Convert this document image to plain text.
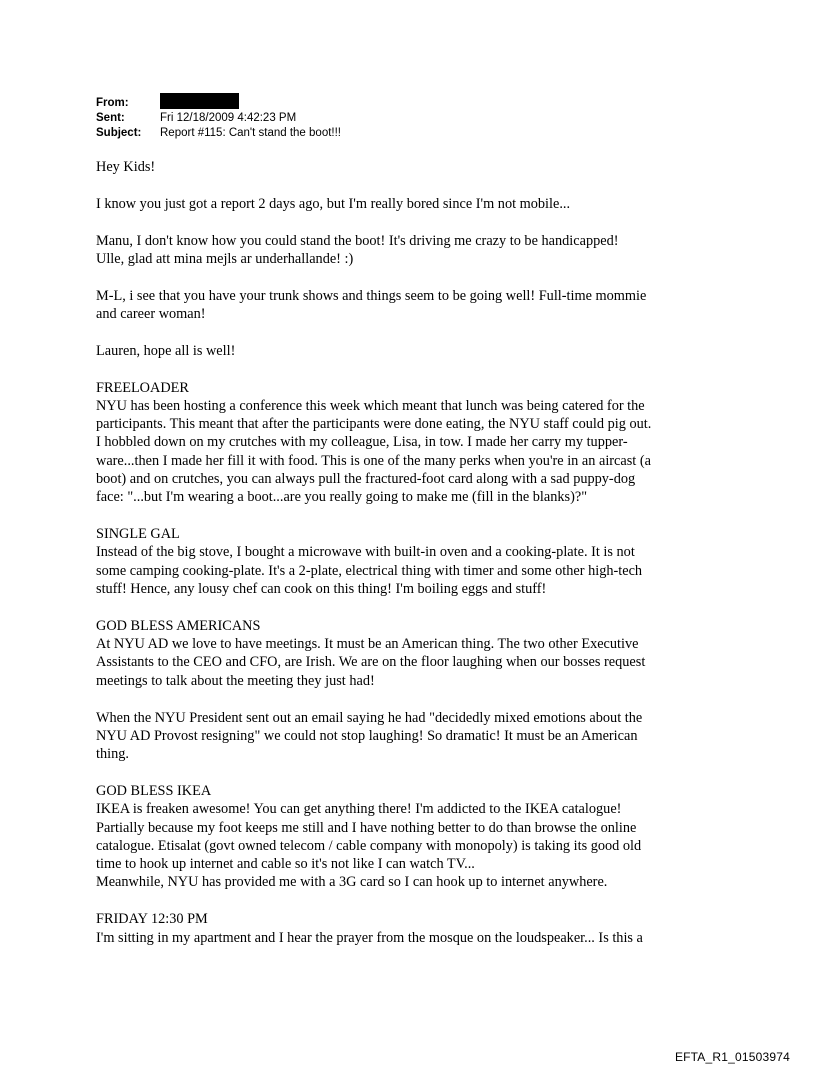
From:
Sent:	Fri 12/18/2009 4:42:23 PM
Subject:	Report #115: Can't stand the boot!!!
Hey Kids!
I know you just got a report 2 days ago, but I'm really bored since I'm not mobile...
Manu, I don't know how you could stand the boot! It's driving me crazy to be handicapped!
Ulle, glad att mina mejls ar underhallande! :)
M-L, i see that you have your trunk shows and things seem to be going well! Full-time mommie
and career woman!
Lauren, hope all is well!
FREELOADER
NYU has been hosting a conference this week which meant that lunch was being catered for the
participants. This meant that after the participants were done eating, the NYU staff could pig out.
I hobbled down on my crutches with my colleague, Lisa, in tow. I made her carry my tupper-
ware...then I made her fill it with food. This is one of the many perks when you're in an aircast (a
boot) and on crutches, you can always pull the fractured-foot card along with a sad puppy-dog
face: "...but I'm wearing a boot...are you really going to make me (fill in the blanks)?"
SINGLE GAL
Instead of the big stove, I bought a microwave with built-in oven and a cooking-plate. It is not
some camping cooking-plate. It's a 2-plate, electrical thing with timer and some other high-tech
stuff! Hence, any lousy chef can cook on this thing! I'm boiling eggs and stuff!
GOD BLESS AMERICANS
At NYU AD we love to have meetings. It must be an American thing. The two other Executive
Assistants to the CEO and CFO, are Irish. We are on the floor laughing when our bosses request
meetings to talk about the meeting they just had!
When the NYU President sent out an email saying he had "decidedly mixed emotions about the
NYU AD Provost resigning" we could not stop laughing! So dramatic! It must be an American
thing.
GOD BLESS IKEA
IKEA is freaken awesome! You can get anything there! I'm addicted to the IKEA catalogue!
Partially because my foot keeps me still and I have nothing better to do than browse the online
catalogue. Etisalat (govt owned telecom / cable company with monopoly) is taking its good old
time to hook up internet and cable so it's not like I can watch TV...
Meanwhile, NYU has provided me with a 3G card so I can hook up to internet anywhere.
FRIDAY 12:30 PM
I'm sitting in my apartment and I hear the prayer from the mosque on the loudspeaker... Is this a
EFTA_R1_01503974
